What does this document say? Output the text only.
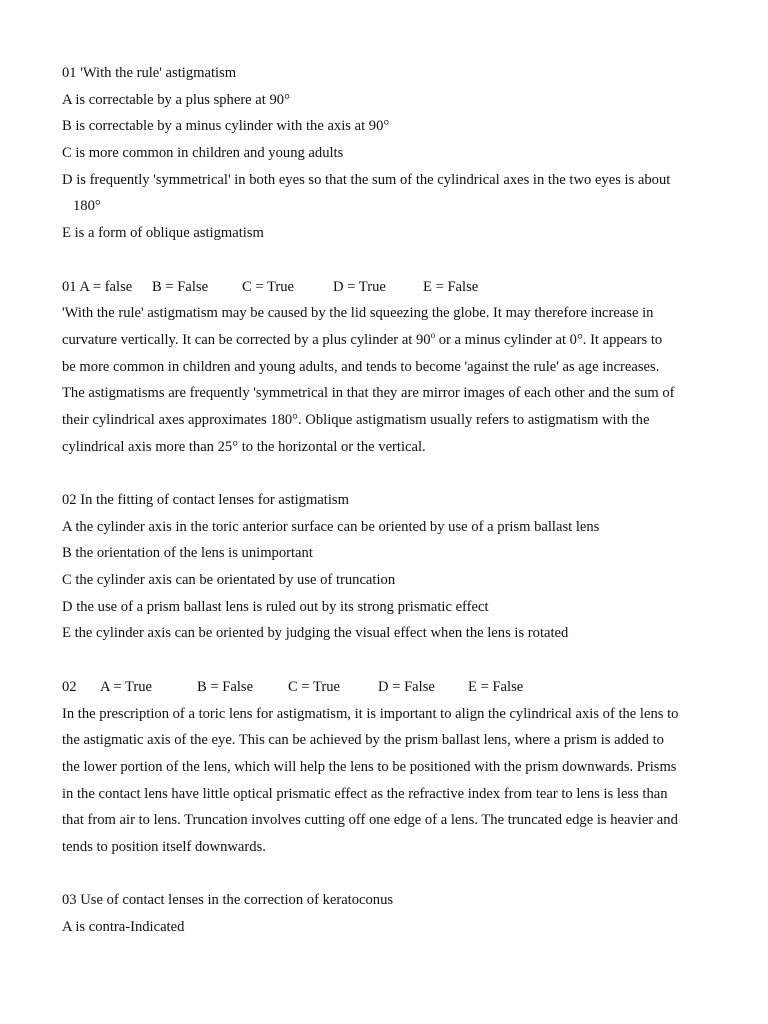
01 'With the rule' astigmatism
A is correctable by a plus sphere at 90°
B is correctable by a minus cylinder with the axis at 90°
C is more common in children and young adults
D is frequently 'symmetrical' in both eyes so that the sum of the cylindrical axes in the two eyes is about
180°
E is a form of oblique astigmatism
01 A = false B = False C = True	D = True	E = False
'With the rule' astigmatism may be caused by the lid squeezing the globe. It may therefore increase in
curvature vertically. It can be corrected by a plus cylinder at 90$^o$ or a minus cylinder at 0°. It appears to
be more common in children and young adults, and tends to become 'against the rule' as age increases.
The astigmatisms are frequently 'symmetrical in that they are mirror images of each other and the sum of
their cylindrical axes approximates 180°. Oblique astigmatism usually refers to astigmatism with the
cylindrical axis more than 25° to the horizontal or the vertical.
02 In the fitting of contact lenses for astigmatism
A the cylinder axis in the toric anterior surface can be oriented by use of a prism ballast lens
B the orientation of the lens is unimportant
C the cylinder axis can be orientated by use of truncation
D the use of a prism ballast lens is ruled out by its strong prismatic effect
E the cylinder axis can be oriented by judging the visual effect when the lens is rotated
02 A = True	B = False C = True	D = False E = False
In the prescription of a toric lens for astigmatism, it is important to align the cylindrical axis of the lens to
the astigmatic axis of the eye. This can be achieved by the prism ballast lens, where a prism is added to
the lower portion of the lens, which will help the lens to be positioned with the prism downwards. Prisms
in the contact lens have little optical prismatic effect as the refractive index from tear to lens is less than
that from air to lens. Truncation involves cutting off one edge of a lens. The truncated edge is heavier and
tends to position itself downwards.
03 Use of contact lenses in the correction of keratoconus
A is contra-Indicated
